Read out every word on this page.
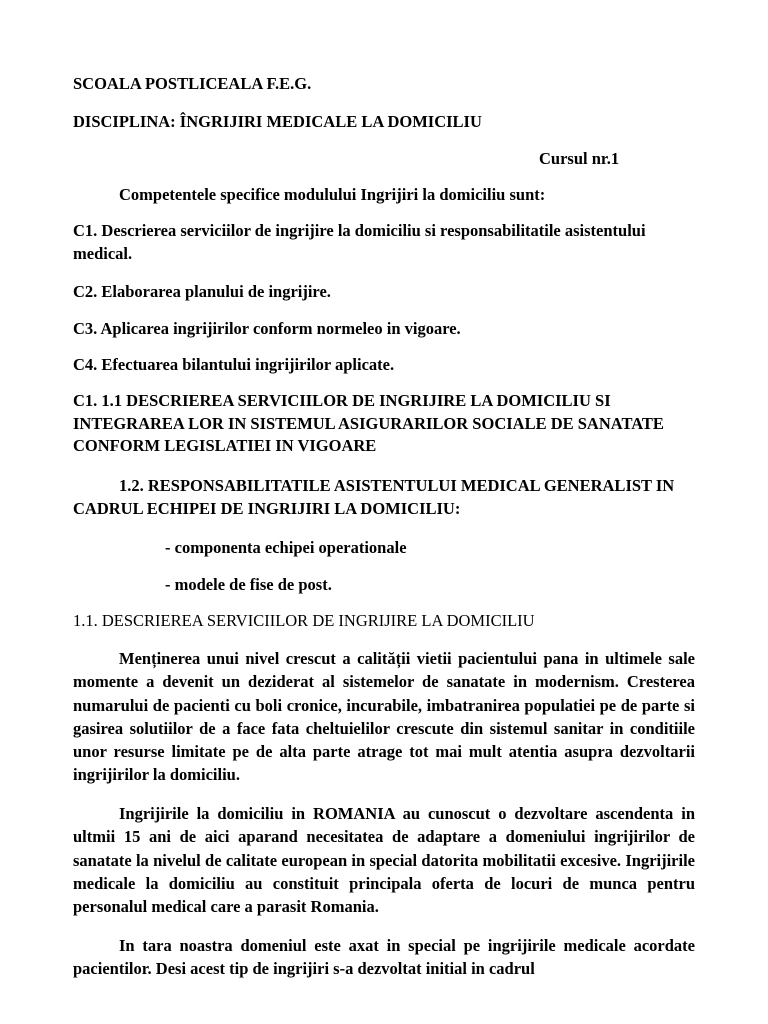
SCOALA POSTLICEALA F.E.G.
DISCIPLINA: ÎNGRIJIRI MEDICALE LA DOMICILIU
Cursul nr.1
Competentele specifice modulului Ingrijiri la domiciliu sunt:
C1. Descrierea serviciilor de ingrijire la domiciliu si responsabilitatile asistentului medical.
C2. Elaborarea planului de ingrijire.
C3. Aplicarea ingrijirilor conform normeleo in vigoare.
C4. Efectuarea bilantului ingrijirilor aplicate.
C1. 1.1 DESCRIEREA SERVICIILOR DE INGRIJIRE LA DOMICILIU SI INTEGRAREA LOR IN SISTEMUL ASIGURARILOR SOCIALE DE SANATATE CONFORM LEGISLATIEI IN VIGOARE
1.2. RESPONSABILITATILE ASISTENTULUI MEDICAL GENERALIST IN CADRUL ECHIPEI DE INGRIJIRI LA DOMICILIU:
- componenta echipei operationale
- modele de fise de post.
1.1. DESCRIEREA SERVICIILOR DE INGRIJIRE LA DOMICILIU
Menținerea unui nivel crescut a calității vietii pacientului pana in ultimele sale momente a devenit un deziderat al sistemelor de sanatate in modernism. Cresterea numarului de pacienti cu boli cronice, incurabile, imbatranirea populatiei pe de parte si gasirea solutiilor de a face fata cheltuielilor crescute din sistemul sanitar in conditiile unor resurse limitate pe de alta parte atrage tot mai mult atentia asupra dezvoltarii ingrijirilor la domiciliu.
Ingrijirile la domiciliu in ROMANIA au cunoscut o dezvoltare ascendenta in ultmii 15 ani de aici aparand necesitatea de adaptare a domeniului ingrijirilor de sanatate la nivelul de calitate european in special datorita mobilitatii excesive. Ingrijirile medicale la domiciliu au constituit principala oferta de locuri de munca pentru personalul medical care a parasit Romania.
In tara noastra domeniul este axat in special pe ingrijirile medicale acordate pacientilor. Desi acest tip de ingrijiri s-a dezvoltat initial in cadrul
